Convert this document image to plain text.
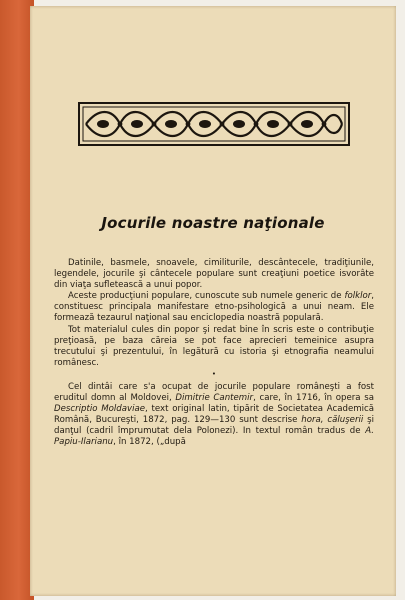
Jocurile noastre naţionale

Datinile, basmele, snoavele, cimiliturile, descântecele, tradiţiunile, legendele, jocurile şi cântecele populare sunt creaţiuni poetice isvorâte din viaţa sufletească a unui popor.

Aceste producţiuni populare, cunoscute sub numele generic de folklor, constituesc principala manifestare etno-psihologică a unui neam. Ele formează tezaurul naţional sau enciclopedia noastră populară.

Tot materialul cules din popor şi redat bine în scris este o contribuţie preţioasă, pe baza căreia se pot face aprecieri temeinice asupra trecutului şi prezentului, în legătură cu istoria şi etnografia neamului românesc.

•

Cel dintâi care s'a ocupat de jocurile populare româneşti a fost eruditul domn al Moldovei, Dimitrie Cantemir, care, în 1716, în opera sa Descriptio Moldaviae, text original latin, tipărit de Societatea Academică Română, Bucureşti, 1872, pag. 129—130 sunt descrise hora, căluşerii şi danţul (cadril împrumutat dela Polonezi). In textul român tradus de A. Papiu-Ilarianu, în 1872, („după
